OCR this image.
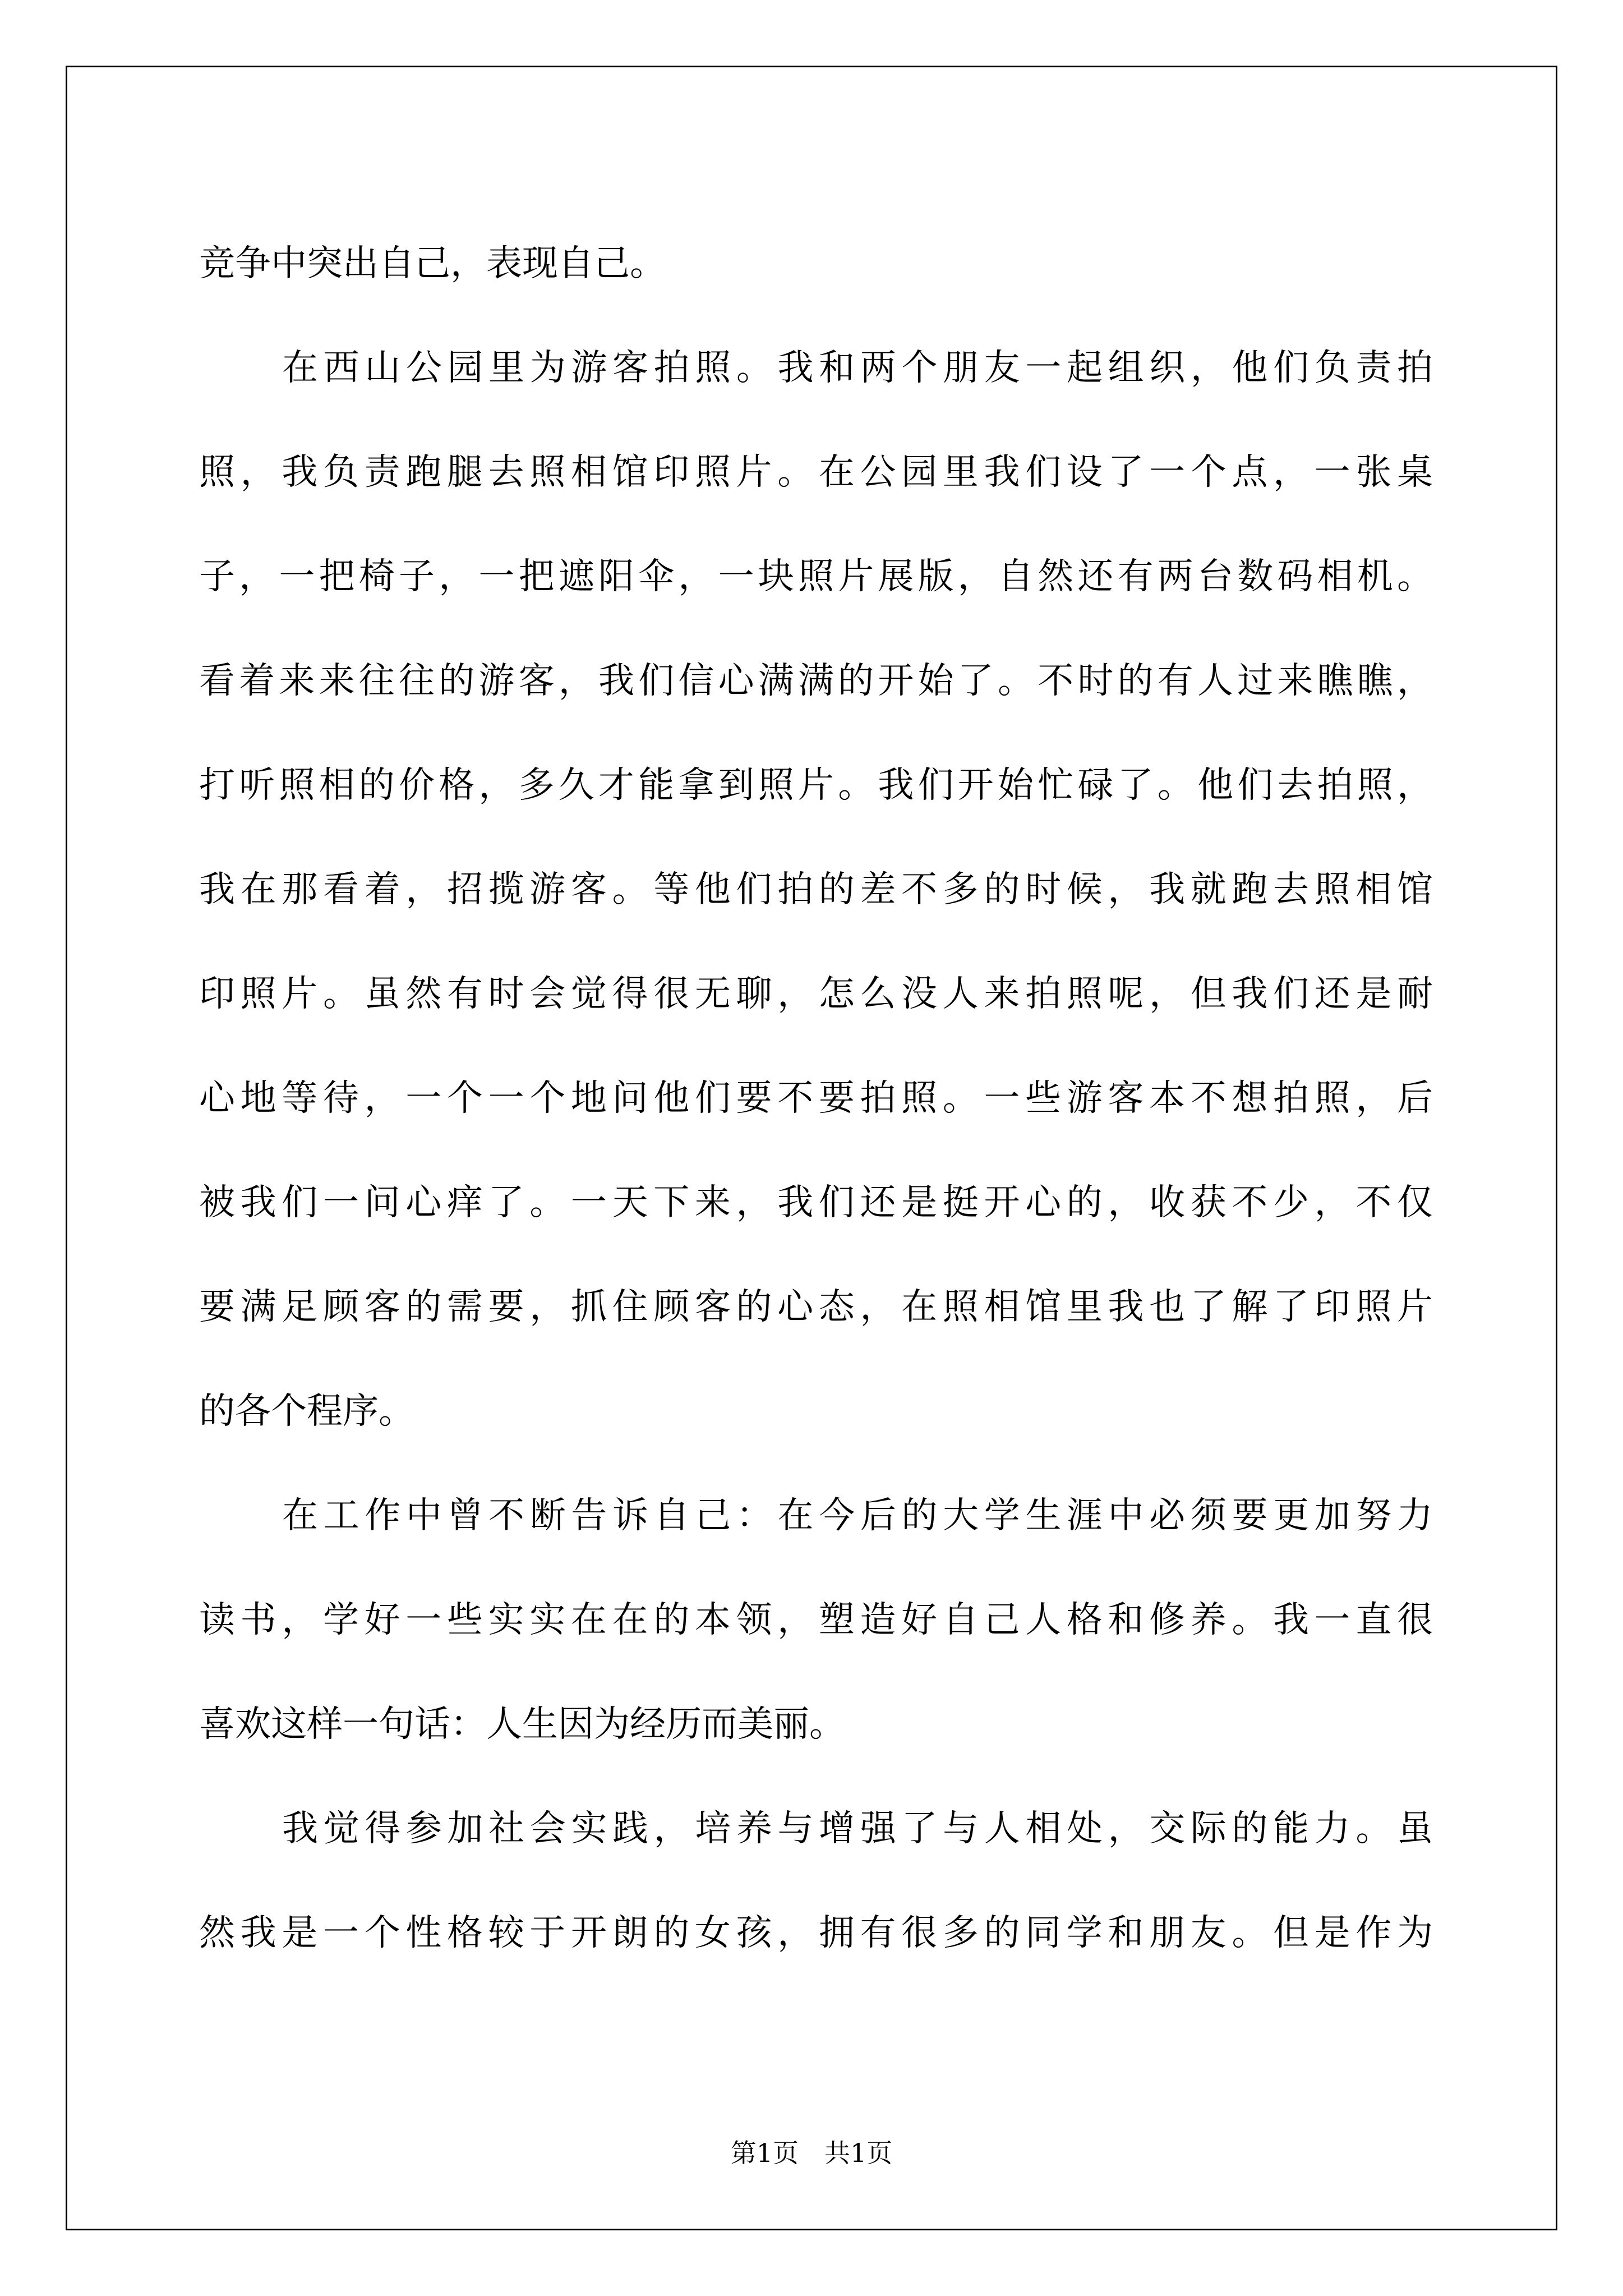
竞争中突出自己，表现自己。
在西山公园里为游客拍照。我和两个朋友一起组织，他们负责拍
照，我负责跑腿去照相馆印照片。在公园里我们设了一个点，一张桌
子，一把椅子，一把遮阳伞，一块照片展版，自然还有两台数码相机。
看着来来往往的游客，我们信心满满的开始了。不时的有人过来瞧瞧，
打听照相的价格，多久才能拿到照片。我们开始忙碌了。他们去拍照，
我在那看着，招揽游客。等他们拍的差不多的时候，我就跑去照相馆
印照片。虽然有时会觉得很无聊，怎么没人来拍照呢，但我们还是耐
心地等待，一个一个地问他们要不要拍照。一些游客本不想拍照，后
被我们一问心痒了。一天下来，我们还是挺开心的，收获不少，不仅
要满足顾客的需要，抓住顾客的心态，在照相馆里我也了解了印照片
的各个程序。
在工作中曾不断告诉自己：在今后的大学生涯中必须要更加努力
读书，学好一些实实在在的本领，塑造好自己人格和修养。我一直很
喜欢这样一句话：人生因为经历而美丽。
我觉得参加社会实践，培养与增强了与人相处，交际的能力。虽
然我是一个性格较于开朗的女孩，拥有很多的同学和朋友。但是作为
第1页　共1页
